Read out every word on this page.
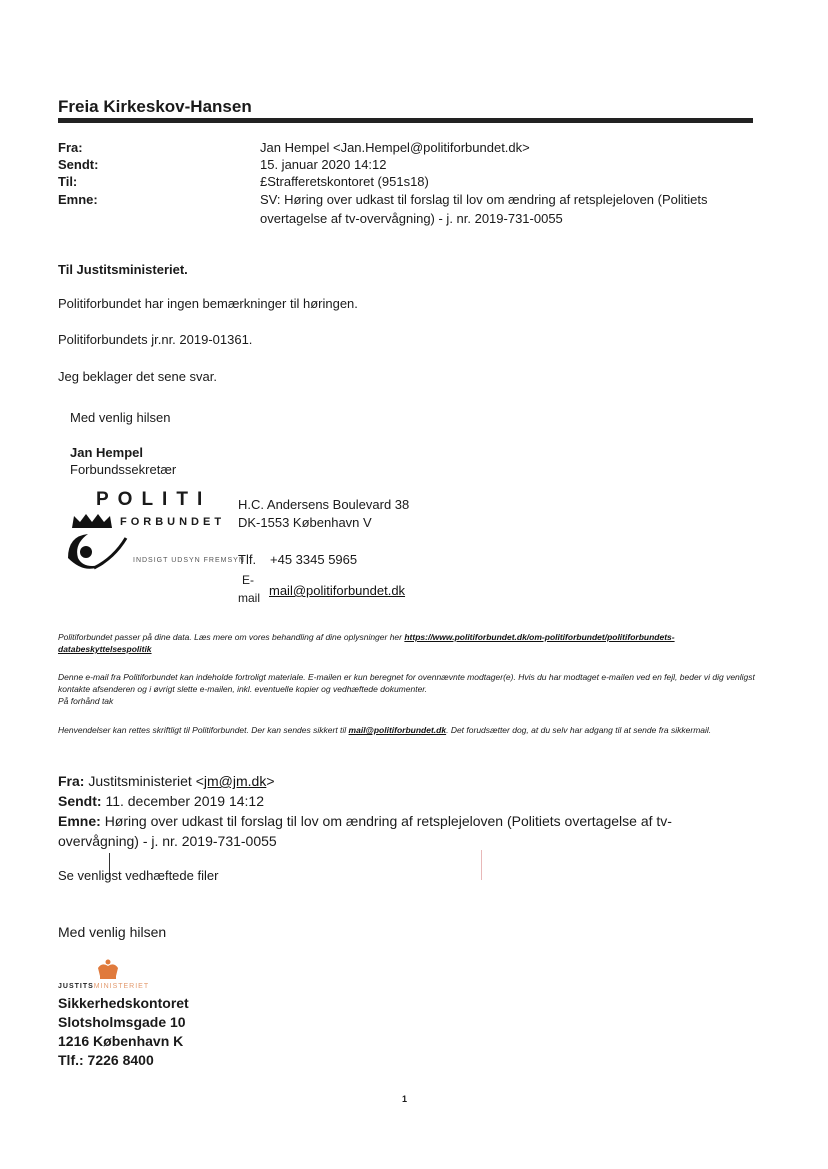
Freia Kirkeskov-Hansen
Fra:	Jan Hempel <Jan.Hempel@politiforbundet.dk>
Sendt:	15. januar 2020 14:12
Til:	£Strafferetskontoret (951s18)
Emne:	SV: Høring over udkast til forslag til lov om ændring af retsplejeloven (Politiets overtagelse af tv-overvågning) - j. nr. 2019-731-0055
Til Justitsministeriet.
Politiforbundet har ingen bemærkninger til høringen.
Politiforbundets jr.nr. 2019-01361.
Jeg beklager det sene svar.
Med venlig hilsen
Jan Hempel
Forbundssekretær
POLITI
FORBUNDET
INDSIGT UDSYN FREMSYN
H.C. Andersens Boulevard 38
DK-1553 København V
Tlf. +45 3345 5965
E-
mail mail@politiforbundet.dk
Politiforbundet passer på dine data. Læs mere om vores behandling af dine oplysninger her https://www.politiforbundet.dk/om-politiforbundet/politiforbundets-databeskyttelsespolitik
Denne e-mail fra Politiforbundet kan indeholde fortroligt materiale. E-mailen er kun beregnet for ovennævnte modtager(e). Hvis du har modtaget e-mailen ved en fejl, beder vi dig venligst kontakte afsenderen og i øvrigt slette e-mailen, inkl. eventuelle kopier og vedhæftede dokumenter.
På forhånd tak
Henvendelser kan rettes skriftligt til Politiforbundet. Der kan sendes sikkert til mail@politiforbundet.dk. Det forudsætter dog, at du selv har adgang til at sende fra sikkermail.
Fra: Justitsministeriet <jm@jm.dk>
Sendt: 11. december 2019 14:12
Emne: Høring over udkast til forslag til lov om ændring af retsplejeloven (Politiets overtagelse af tv-overvågning) - j. nr. 2019-731-0055
Se venligst vedhæftede filer
Med venlig hilsen
JUSTITSMINISTERIET
Sikkerhedskontoret
Slotsholmsgade 10
1216 København K
Tlf.: 7226 8400
1
